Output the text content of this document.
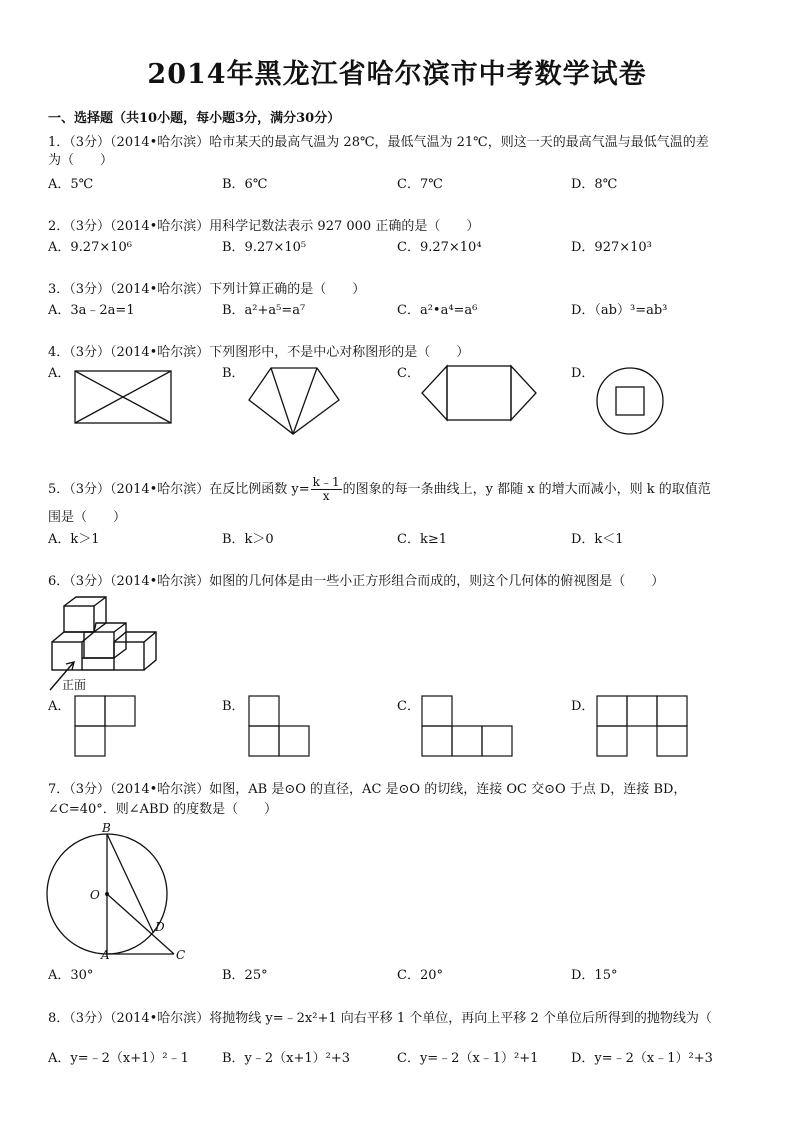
2014年黑龙江省哈尔滨市中考数学试卷
一、选择题（共10小题，每小题3分，满分30分）
1．（3分）（2014•哈尔滨）哈市某天的最高气温为 28℃，最低气温为 21℃，则这一天的最高气温与最低气温的差
为（　　）
A．5℃	B．6℃	C．7℃	D．8℃
2．（3分）（2014•哈尔滨）用科学记数法表示 927 000 正确的是（　　）
A．9.27×10⁶	B．9.27×10⁵	C．9.27×10⁴	D．927×10³
3．（3分）（2014•哈尔滨）下列计算正确的是（　　）
A．3a﹣2a=1	B．a²+a⁵=a⁷	C．a²•a⁴=a⁶	D．（ab）³=ab³
4．（3分）（2014•哈尔滨）下列图形中，不是中心对称图形的是（　　）
A．	B．	C．	D．
5．（3分）（2014•哈尔滨）在反比例函数 $y= \frac{k﹣1}{x}$ 的图象的每一条曲线上，y 都随 x 的增大而减小，则 k 的取值范
围是（　　）
A．k＞1	B．k＞0	C．k≥1	D．k＜1
6．（3分）（2014•哈尔滨）如图的几何体是由一些小正方形组合而成的，则这个几何体的俯视图是（　　）
正面
A．	B．	C．	D．
7．（3分）（2014•哈尔滨）如图，AB 是⊙O 的直径，AC 是⊙O 的切线，连接 OC 交⊙O 于点 D，连接 BD，
∠C=40°．则∠ABD 的度数是（　　）
B
O
D
A	C
A．30°	B．25°	C．20°	D．15°
8．（3分）（2014•哈尔滨）将抛物线 y=﹣2x²+1 向右平移 1 个单位，再向上平移 2 个单位后所得到的抛物线为（
A．y=﹣2（x+1）²﹣1	B．y﹣2（x+1）²+3	C．y=﹣2（x﹣1）²+1	D．y=﹣2（x﹣1）²+3
